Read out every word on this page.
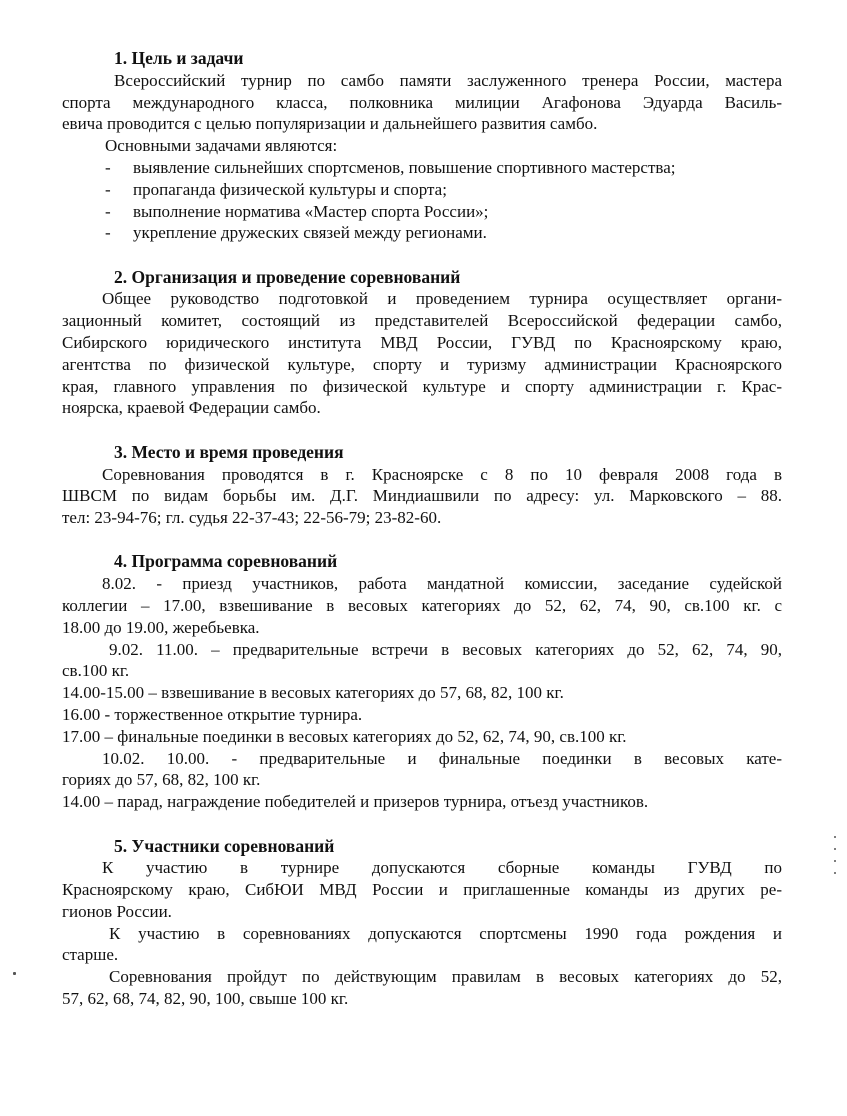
1. Цель и задачи
Всероссийский турнир по самбо памяти заслуженного тренера России, мастера
спорта международного класса, полковника милиции Агафонова Эдуарда Василь-
евича проводится с целью популяризации и дальнейшего развития самбо.
Основными задачами являются:
-	выявление сильнейших спортсменов, повышение спортивного мастерства;
-	пропаганда физической культуры и спорта;
-	выполнение норматива «Мастер спорта России»;
-	укрепление дружеских связей между регионами.
2. Организация и проведение соревнований
Общее руководство подготовкой и проведением турнира осуществляет органи-
зационный комитет, состоящий из представителей Всероссийской федерации самбо,
Сибирского юридического института МВД России, ГУВД по Красноярскому краю,
агентства по физической культуре, спорту и туризму администрации Красноярского
края, главного управления по физической культуре и спорту администрации г. Крас-
ноярска, краевой Федерации самбо.
3. Место и время проведения
Соревнования проводятся в г. Красноярске с 8 по 10 февраля 2008 года в
ШВСМ по видам борьбы им. Д.Г. Миндиашвили по адресу: ул. Марковского – 88.
тел: 23-94-76; гл. судья 22-37-43; 22-56-79; 23-82-60.
4. Программа соревнований
8.02. - приезд участников, работа мандатной комиссии, заседание судейской
коллегии – 17.00, взвешивание в весовых категориях до 52, 62, 74, 90, св.100 кг. с
18.00 до 19.00, жеребьевка.
9.02. 11.00. – предварительные встречи в весовых категориях до 52, 62, 74, 90,
св.100 кг.
14.00-15.00 – взвешивание в весовых категориях до 57, 68, 82, 100 кг.
16.00 - торжественное открытие турнира.
17.00 – финальные поединки в весовых категориях до 52, 62, 74, 90, св.100 кг.
10.02. 10.00. - предварительные и финальные поединки в весовых кате-
гориях до 57, 68, 82, 100 кг.
14.00 – парад, награждение победителей и призеров турнира, отъезд участников.
5. Участники соревнований
К участию в турнире допускаются сборные команды ГУВД по
Красноярскому краю, СибЮИ МВД России и приглашенные команды из других ре-
гионов России.
К участию в соревнованиях допускаются спортсмены 1990 года рождения и
старше.
Соревнования пройдут по действующим правилам в весовых категориях до 52,
57, 62, 68, 74, 82, 90, 100, свыше 100 кг.
